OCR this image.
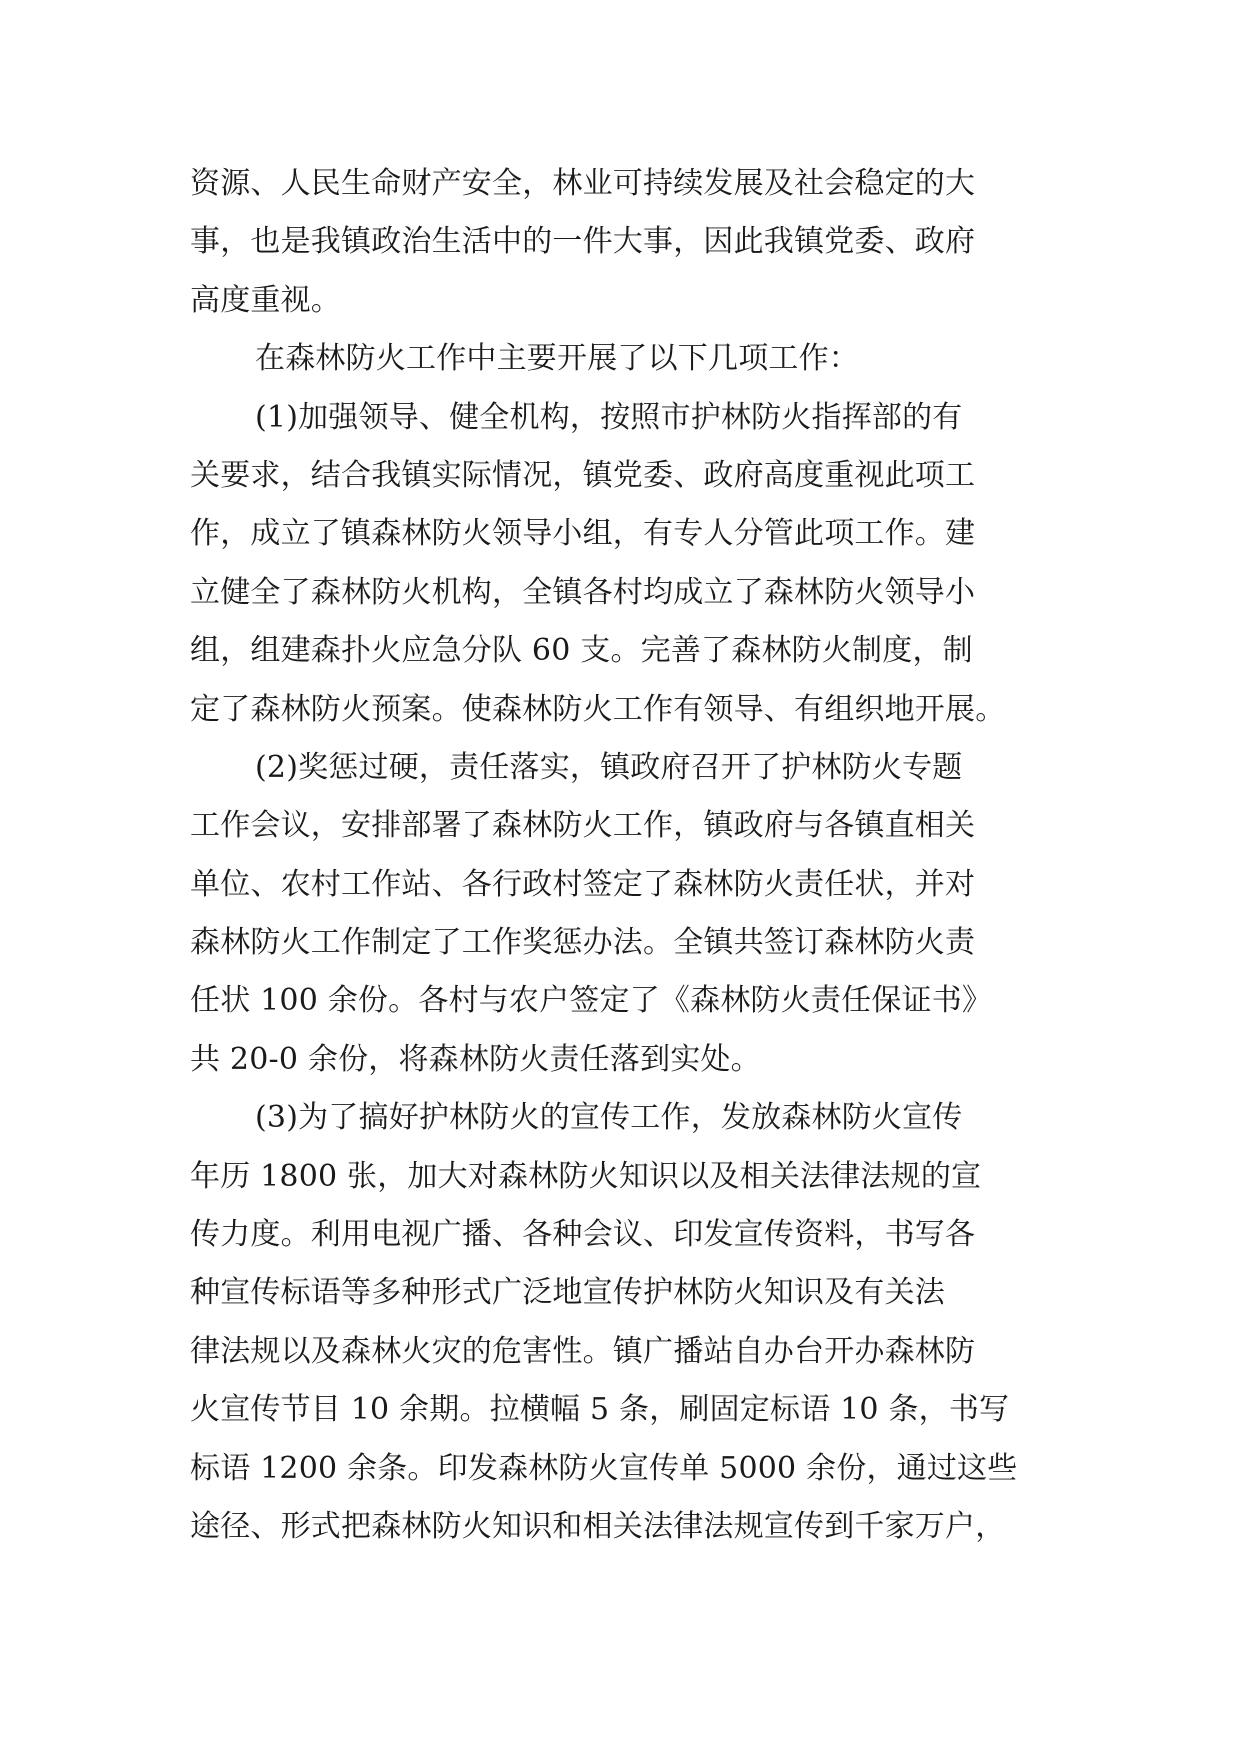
资源、人民生命财产安全，林业可持续发展及社会稳定的大
事，也是我镇政治生活中的一件大事，因此我镇党委、政府
高度重视。
在森林防火工作中主要开展了以下几项工作：
(1)加强领导、健全机构，按照市护林防火指挥部的有
关要求，结合我镇实际情况，镇党委、政府高度重视此项工
作，成立了镇森林防火领导小组，有专人分管此项工作。建
立健全了森林防火机构，全镇各村均成立了森林防火领导小
组，组建森扑火应急分队 60 支。完善了森林防火制度，制
定了森林防火预案。使森林防火工作有领导、有组织地开展。
(2)奖惩过硬，责任落实，镇政府召开了护林防火专题
工作会议，安排部署了森林防火工作，镇政府与各镇直相关
单位、农村工作站、各行政村签定了森林防火责任状，并对
森林防火工作制定了工作奖惩办法。全镇共签订森林防火责
任状 100 余份。各村与农户签定了《森林防火责任保证书》
共 20-0 余份，将森林防火责任落到实处。
(3)为了搞好护林防火的宣传工作，发放森林防火宣传
年历 1800 张，加大对森林防火知识以及相关法律法规的宣
传力度。利用电视广播、各种会议、印发宣传资料，书写各
种宣传标语等多种形式广泛地宣传护林防火知识及有关法
律法规以及森林火灾的危害性。镇广播站自办台开办森林防
火宣传节目 10 余期。拉横幅 5 条，刷固定标语 10 条，书写
标语 1200 余条。印发森林防火宣传单 5000 余份，通过这些
途径、形式把森林防火知识和相关法律法规宣传到千家万户，
